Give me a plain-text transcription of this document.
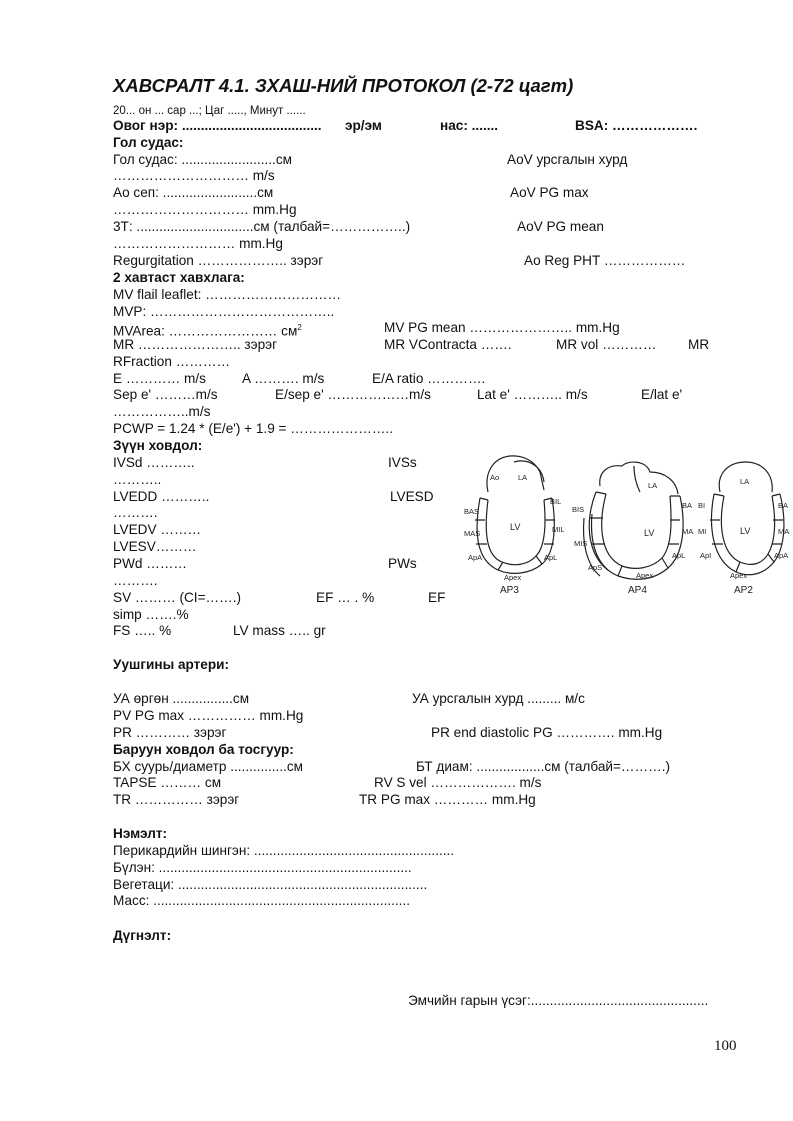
ХАВСРАЛТ 4.1. ЗХАШ-НИЙ ПРОТОКОЛ (2-72 цагт)
20... он ... сар ...; Цаг ....., Минут ......
Овог нэр: ..................................... эр/эм	нас: .......	BSA: ……………….
Гол судас:
Гол судас: .........................см	AoV урсгалын хурд
………………………… m/s
Ао сеп: .........................см	AoV PG max
………………………… mm.Hg
3Т: ...............................см (талбай=……………..)	AoV PG mean
……………………… mm.Hg
Regurgitation ……………….. зэрэг	Ao Reg PHT ………………
2 хавтаст хавхлага:
MV flail leaflet: …………………………
MVP: …………………………………..
MVArea: …………………… $см^2$	MV PG mean ………………….. mm.Hg
MR ………………….. зэрэг	MR VContracta …….	MR vol ………… MR
RFraction …………
E ………… m/s	A ………. m/s	E/A ratio ………….
Sep e' ………m/s	E/sep e' ………………m/s	Lat e' ……….. m/s	E/lat e'
……………..m/s
PCWP = 1.24 * (E/e') + 1.9 = …………………..
Зүүн ховдол:
IVSd ………..	IVSs
………..
LVEDD ………..	LVESD
……….
LVEDV ………
LVESV………
PWd ………	PWs
……….
SV ……… (CI=…….)	EF … . %	EF
simp …….%
FS ….. %	LV mass ….. gr
Ao	LA
LV
BAS
MAS
ApA
BIL
MIL
ApL
Apex
AP3
LA
LV
BIS
MIS
ApS
BA
MA
ApL
Apex
AP4
LA
LV
BI
MI
ApI
BA
MA
ApA
Apex
AP2
Уушгины артери:
УА өргөн ................см	УА урсгалын хурд ......... м/с
PV PG max …………… mm.Hg
PR ………… зэрэг	PR end diastolic PG …………. mm.Hg
Баруун ховдол ба тосгуур:
БХ суурь/диаметр ...............см	БТ диам: ..................см (талбай=……….)
TAPSE ……… см	RV S vel ………………. m/s
TR …………… зэрэг	TR PG max ………… mm.Hg
Нэмэлт:
Перикардийн шингэн: .....................................................
Бүлэн: ...................................................................
Вегетаци: ..................................................................
Масс: ....................................................................
Дүгнэлт:
Эмчийн гарын үсэг:...............................................
100
